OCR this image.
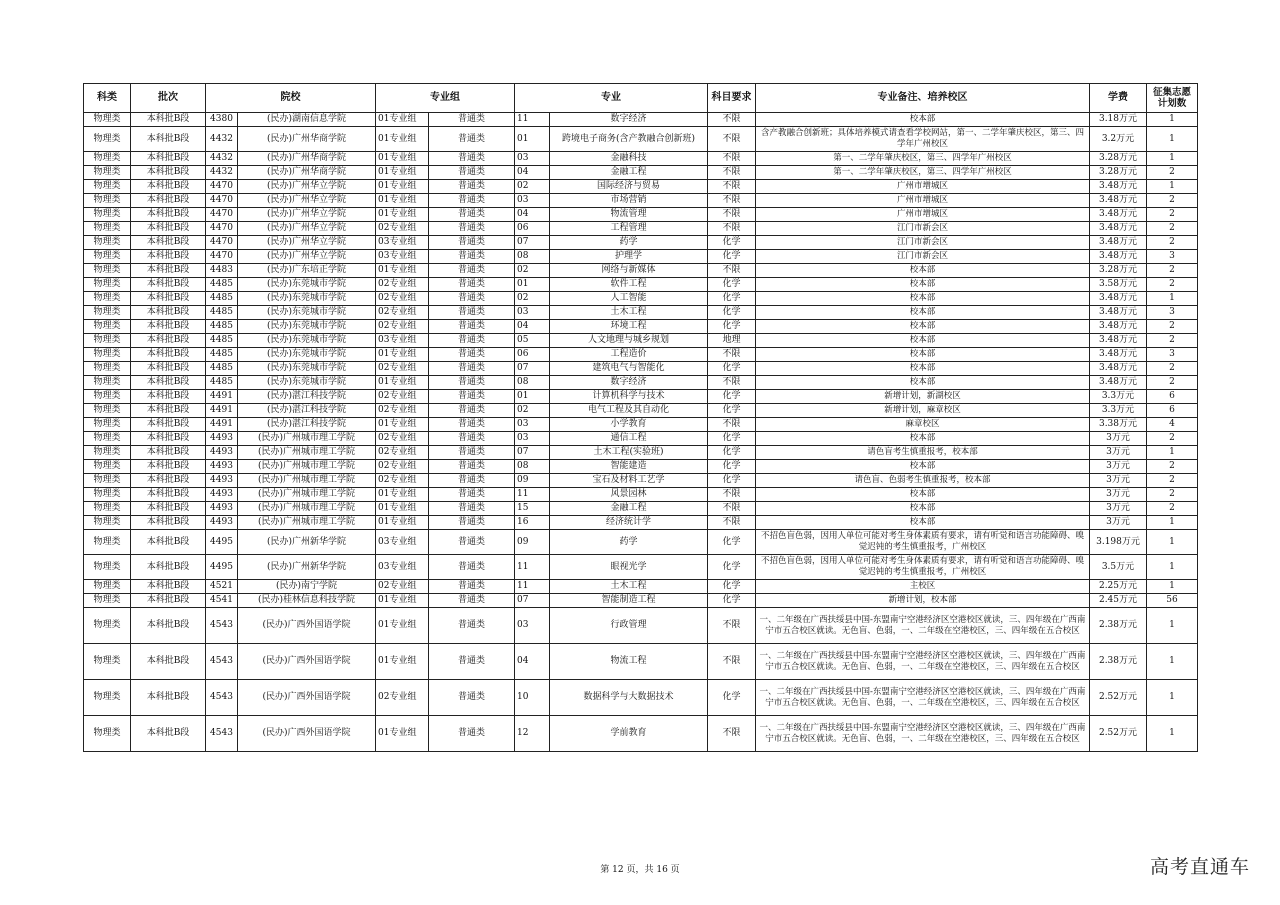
科类	批次	院校		专业组		专业		科目要求	专业备注、培养校区	学费	征集志愿计划数
物理类	本科批B段	4380	(民办)湖南信息学院	01专业组	普通类	11	数字经济	不限	校本部	3.18万元	1
物理类	本科批B段	4432	(民办)广州华商学院	01专业组	普通类	01	跨境电子商务(含产教融合创新班)	不限	含产教融合创新班；具体培养模式请查看学校网站，第一、二学年肇庆校区，第三、四学年广州校区	3.2万元	1
物理类	本科批B段	4432	(民办)广州华商学院	01专业组	普通类	03	金融科技	不限	第一、二学年肇庆校区，第三、四学年广州校区	3.28万元	1
物理类	本科批B段	4432	(民办)广州华商学院	01专业组	普通类	04	金融工程	不限	第一、二学年肇庆校区，第三、四学年广州校区	3.28万元	2
物理类	本科批B段	4470	(民办)广州华立学院	01专业组	普通类	02	国际经济与贸易	不限	广州市增城区	3.48万元	1
物理类	本科批B段	4470	(民办)广州华立学院	01专业组	普通类	03	市场营销	不限	广州市增城区	3.48万元	2
物理类	本科批B段	4470	(民办)广州华立学院	01专业组	普通类	04	物流管理	不限	广州市增城区	3.48万元	2
物理类	本科批B段	4470	(民办)广州华立学院	02专业组	普通类	06	工程管理	不限	江门市新会区	3.48万元	2
物理类	本科批B段	4470	(民办)广州华立学院	03专业组	普通类	07	药学	化学	江门市新会区	3.48万元	2
物理类	本科批B段	4470	(民办)广州华立学院	03专业组	普通类	08	护理学	化学	江门市新会区	3.48万元	3
物理类	本科批B段	4483	(民办)广东培正学院	01专业组	普通类	02	网络与新媒体	不限	校本部	3.28万元	2
物理类	本科批B段	4485	(民办)东莞城市学院	02专业组	普通类	01	软件工程	化学	校本部	3.58万元	2
物理类	本科批B段	4485	(民办)东莞城市学院	02专业组	普通类	02	人工智能	化学	校本部	3.48万元	1
物理类	本科批B段	4485	(民办)东莞城市学院	02专业组	普通类	03	土木工程	化学	校本部	3.48万元	3
物理类	本科批B段	4485	(民办)东莞城市学院	02专业组	普通类	04	环境工程	化学	校本部	3.48万元	2
物理类	本科批B段	4485	(民办)东莞城市学院	03专业组	普通类	05	人文地理与城乡规划	地理	校本部	3.48万元	2
物理类	本科批B段	4485	(民办)东莞城市学院	01专业组	普通类	06	工程造价	不限	校本部	3.48万元	3
物理类	本科批B段	4485	(民办)东莞城市学院	02专业组	普通类	07	建筑电气与智能化	化学	校本部	3.48万元	2
物理类	本科批B段	4485	(民办)东莞城市学院	01专业组	普通类	08	数字经济	不限	校本部	3.48万元	2
物理类	本科批B段	4491	(民办)湛江科技学院	02专业组	普通类	01	计算机科学与技术	化学	新增计划，新湖校区	3.3万元	6
物理类	本科批B段	4491	(民办)湛江科技学院	02专业组	普通类	02	电气工程及其自动化	化学	新增计划，麻章校区	3.3万元	6
物理类	本科批B段	4491	(民办)湛江科技学院	01专业组	普通类	03	小学教育	不限	麻章校区	3.38万元	4
物理类	本科批B段	4493	(民办)广州城市理工学院	02专业组	普通类	03	通信工程	化学	校本部	3万元	2
物理类	本科批B段	4493	(民办)广州城市理工学院	02专业组	普通类	07	土木工程(实验班)	化学	请色盲考生慎重报考，校本部	3万元	1
物理类	本科批B段	4493	(民办)广州城市理工学院	02专业组	普通类	08	智能建造	化学	校本部	3万元	2
物理类	本科批B段	4493	(民办)广州城市理工学院	02专业组	普通类	09	宝石及材料工艺学	化学	请色盲、色弱考生慎重报考，校本部	3万元	2
物理类	本科批B段	4493	(民办)广州城市理工学院	01专业组	普通类	11	风景园林	不限	校本部	3万元	2
物理类	本科批B段	4493	(民办)广州城市理工学院	01专业组	普通类	15	金融工程	不限	校本部	3万元	2
物理类	本科批B段	4493	(民办)广州城市理工学院	01专业组	普通类	16	经济统计学	不限	校本部	3万元	1
物理类	本科批B段	4495	(民办)广州新华学院	03专业组	普通类	09	药学	化学	不招色盲色弱，因用人单位可能对考生身体素质有要求，请有听觉和语言功能障碍、嗅觉迟钝的考生慎重报考，广州校区	3.198万元	1
物理类	本科批B段	4495	(民办)广州新华学院	03专业组	普通类	11	眼视光学	化学	不招色盲色弱，因用人单位可能对考生身体素质有要求，请有听觉和语言功能障碍、嗅觉迟钝的考生慎重报考，广州校区	3.5万元	1
物理类	本科批B段	4521	(民办)南宁学院	02专业组	普通类	11	土木工程	化学	主校区	2.25万元	1
物理类	本科批B段	4541	(民办)桂林信息科技学院	01专业组	普通类	07	智能制造工程	化学	新增计划，校本部	2.45万元	56
物理类	本科批B段	4543	(民办)广西外国语学院	01专业组	普通类	03	行政管理	不限	一、二年级在广西扶绥县中国-东盟南宁空港经济区空港校区就读，三、四年级在广西南宁市五合校区就读。无色盲、色弱，一、二年级在空港校区，三、四年级在五合校区	2.38万元	1
物理类	本科批B段	4543	(民办)广西外国语学院	01专业组	普通类	04	物流工程	不限	一、二年级在广西扶绥县中国-东盟南宁空港经济区空港校区就读，三、四年级在广西南宁市五合校区就读。无色盲、色弱，一、二年级在空港校区，三、四年级在五合校区	2.38万元	1
物理类	本科批B段	4543	(民办)广西外国语学院	02专业组	普通类	10	数据科学与大数据技术	化学	一、二年级在广西扶绥县中国-东盟南宁空港经济区空港校区就读，三、四年级在广西南宁市五合校区就读。无色盲、色弱，一、二年级在空港校区，三、四年级在五合校区	2.52万元	1
物理类	本科批B段	4543	(民办)广西外国语学院	01专业组	普通类	12	学前教育	不限	一、二年级在广西扶绥县中国-东盟南宁空港经济区空港校区就读，三、四年级在广西南宁市五合校区就读。无色盲、色弱，一、二年级在空港校区，三、四年级在五合校区	2.52万元	1
第 12 页，共 16 页	高考直通车
